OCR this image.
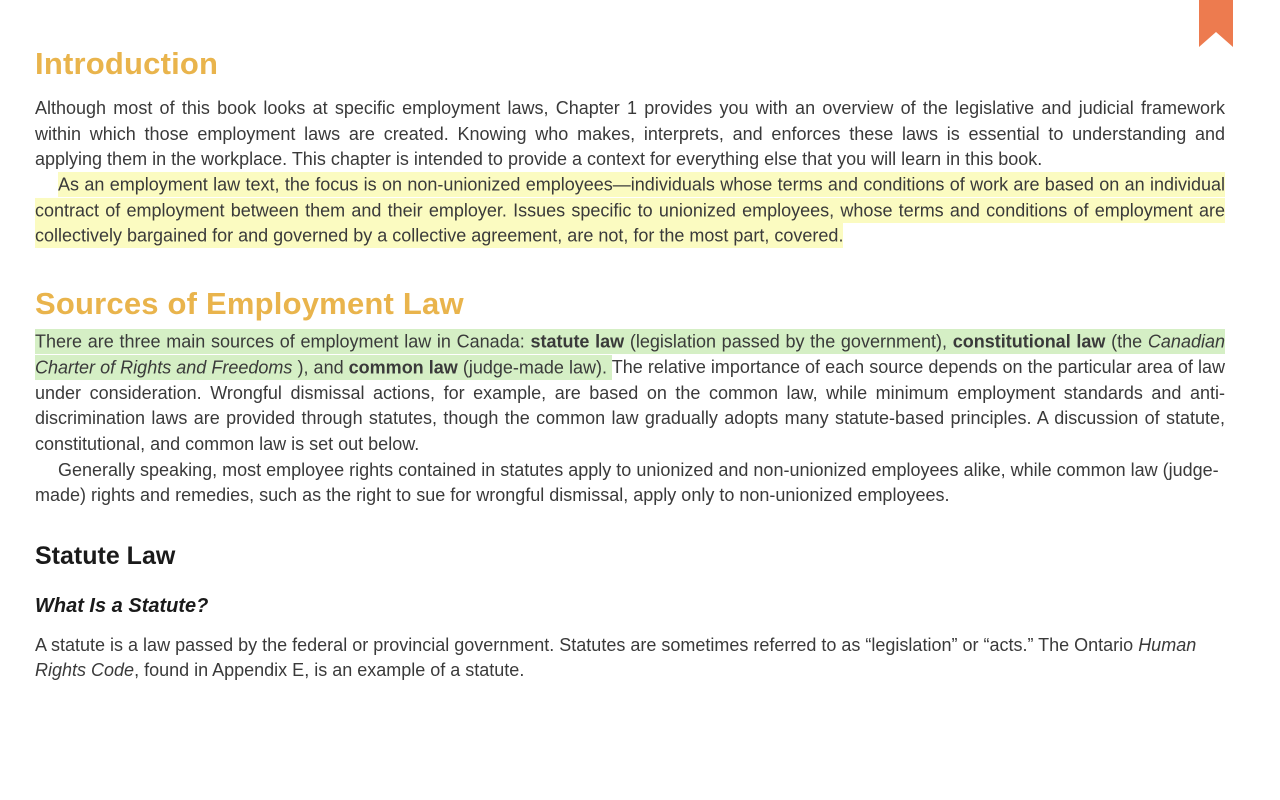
Introduction

Although most of this book looks at specific employment laws, Chapter 1 provides you with an overview of the legislative and judicial framework within which those employment laws are created. Knowing who makes, interprets, and enforces these laws is essential to understanding and applying them in the workplace. This chapter is intended to provide a context for everything else that you will learn in this book.

As an employment law text, the focus is on non-unionized employees—individuals whose terms and conditions of work are based on an individual contract of employment between them and their employer. Issues specific to unionized employees, whose terms and conditions of employment are collectively bargained for and governed by a collective agreement, are not, for the most part, covered.

Sources of Employment Law

There are three main sources of employment law in Canada: statute law (legislation passed by the government), constitutional law (the Canadian Charter of Rights and Freedoms ), and common law (judge-made law). The relative importance of each source depends on the particular area of law under consideration. Wrongful dismissal actions, for example, are based on the common law, while minimum employment standards and anti-discrimination laws are provided through statutes, though the common law gradually adopts many statute-based principles. A discussion of statute, constitutional, and common law is set out below.

Generally speaking, most employee rights contained in statutes apply to unionized and non-unionized employees alike, while common law (judge-made) rights and remedies, such as the right to sue for wrongful dismissal, apply only to non-unionized employees.

Statute Law
What Is a Statute?

A statute is a law passed by the federal or provincial government. Statutes are sometimes referred to as “legislation” or “acts.” The Ontario Human Rights Code, found in Appendix E, is an example of a statute.
